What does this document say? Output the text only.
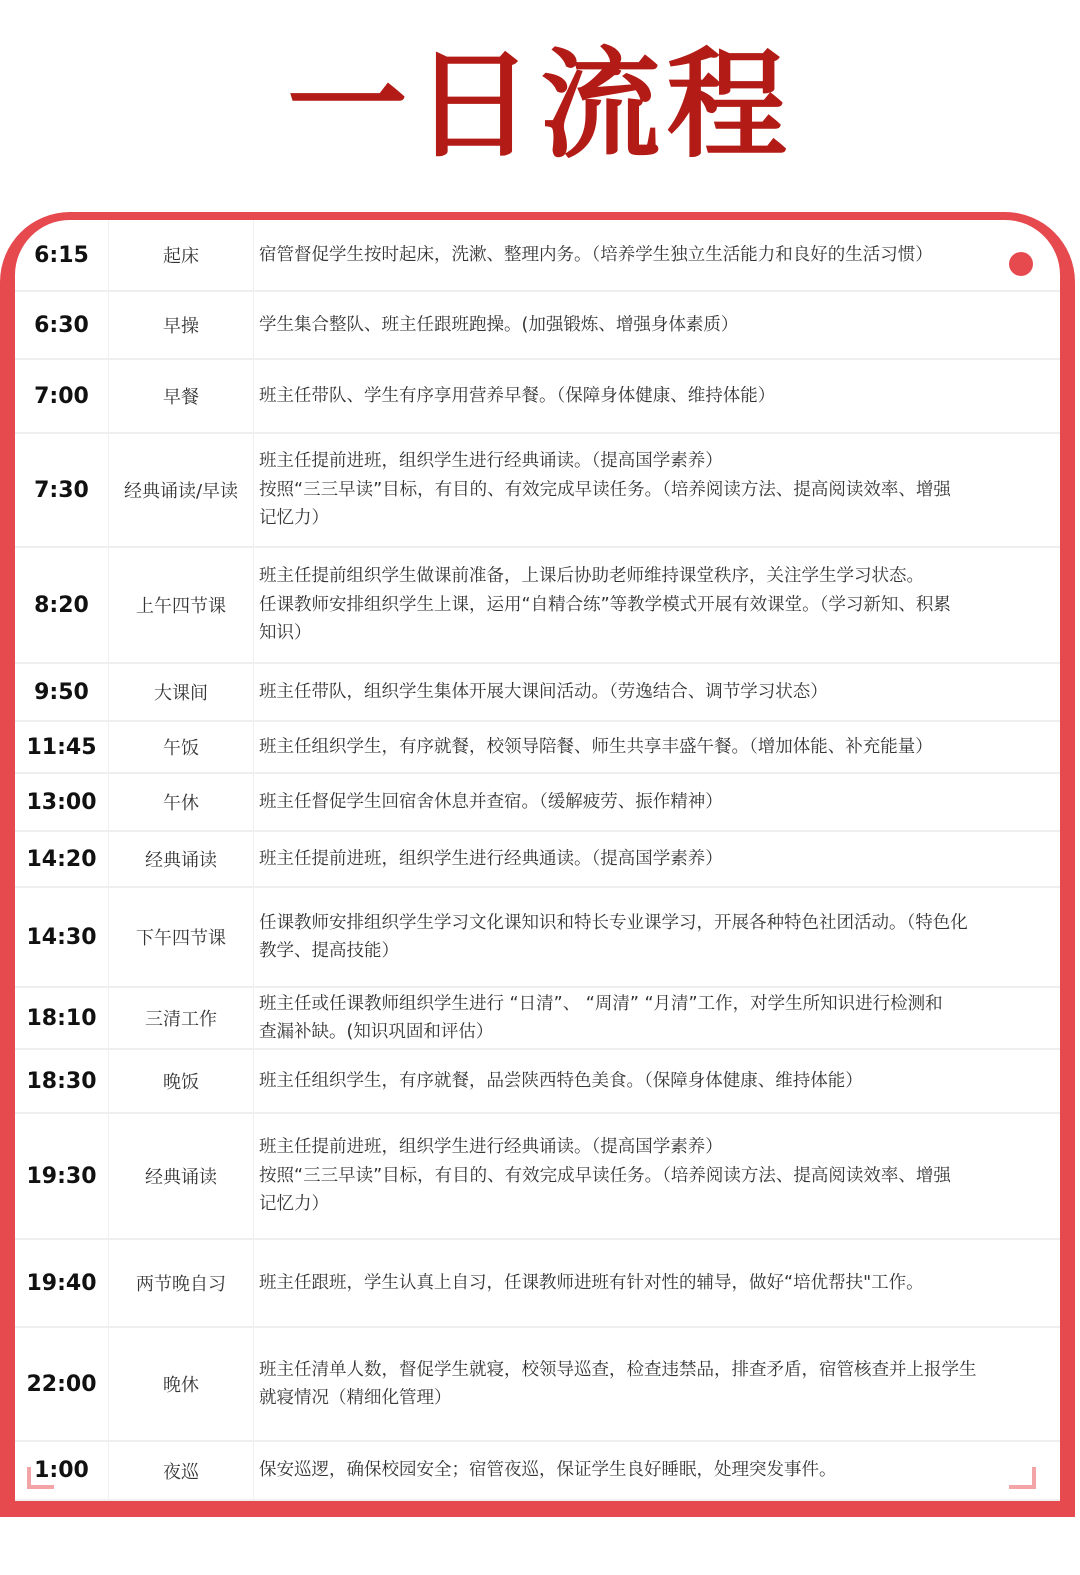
一日流程
6:15	起床	宿管督促学生按时起床，洗漱、整理内务。（培养学生独立生活能力和良好的生活习惯）
6:30	早操	学生集合整队、班主任跟班跑操。(加强锻炼、增强身体素质）
7:00	早餐	班主任带队、学生有序享用营养早餐。（保障身体健康、维持体能）
7:30	经典诵读/早读
班主任提前进班，组织学生进行经典诵读。（提高国学素养）
按照“三三早读”目标，有目的、有效完成早读任务。（培养阅读方法、提高阅读效率、增强
记忆力）
8:20	上午四节课
班主任提前组织学生做课前准备，上课后协助老师维持课堂秩序，关注学生学习状态。
任课教师安排组织学生上课，运用“自精合练”等教学模式开展有效课堂。（学习新知、积累
知识）
9:50	大课间	班主任带队，组织学生集体开展大课间活动。（劳逸结合、调节学习状态）
11:45	午饭	班主任组织学生，有序就餐，校领导陪餐、师生共享丰盛午餐。（增加体能、补充能量）
13:00	午休	班主任督促学生回宿舍休息并查宿。（缓解疲劳、振作精神）
14:20	经典诵读	班主任提前进班，组织学生进行经典通读。（提高国学素养）
14:30	下午四节课
任课教师安排组织学生学习文化课知识和特长专业课学习，开展各种特色社团活动。（特色化
教学、提高技能）
18:10	三清工作
班主任或任课教师组织学生进行 “日清”、 “周清” “月清”工作，对学生所知识进行检测和
查漏补缺。(知识巩固和评估）
18:30	晚饭	班主任组织学生，有序就餐，品尝陕西特色美食。（保障身体健康、维持体能）
19:30	经典诵读
班主任提前进班，组织学生进行经典诵读。（提高国学素养）
按照“三三早读”目标，有目的、有效完成早读任务。（培养阅读方法、提高阅读效率、增强
记忆力）
19:40	两节晚自习	班主任跟班，学生认真上自习，任课教师进班有针对性的辅导，做好“培优帮扶"工作。
22:00	晚休
班主任清单人数，督促学生就寝，校领导巡查，检查违禁品，排查矛盾，宿管核查并上报学生
就寝情况（精细化管理）
1:00	夜巡	保安巡逻，确保校园安全；宿管夜巡，保证学生良好睡眠，处理突发事件。
